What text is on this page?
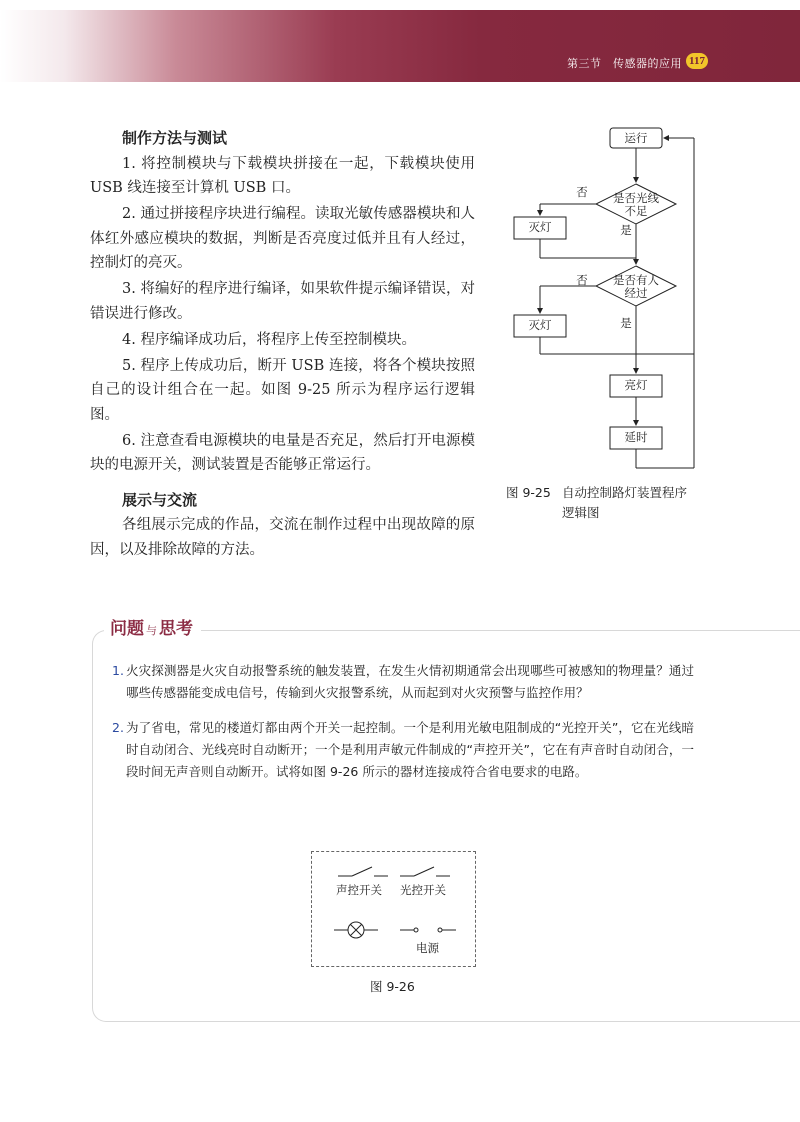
第三节　传感器的应用 117
制作方法与测试

1. 将控制模块与下载模块拼接在一起，下载模块使用 USB 线连接至计算机 USB 口。

2. 通过拼接程序块进行编程。读取光敏传感器模块和人体红外感应模块的数据，判断是否亮度过低并且有人经过，控制灯的亮灭。

3. 将编好的程序进行编译，如果软件提示编译错误，对错误进行修改。

4. 程序编译成功后，将程序上传至控制模块。

5. 程序上传成功后，断开 USB 连接，将各个模块按照自己的设计组合在一起。如图 9-25 所示为程序运行逻辑图。

6. 注意查看电源模块的电量是否充足，然后打开电源模块的电源开关，测试装置是否能够正常运行。

展示与交流

各组展示完成的作品，交流在制作过程中出现故障的原因，以及排除故障的方法。

运行
是否光线
不足
否
是
灭灯
是否有人
经过
否
是
灭灯
亮灯
延时
图 9-25 自动控制路灯装置程序
逻辑图
问题 与 思考
1. 火灾探测器是火灾自动报警系统的触发装置，在发生火情初期通常会出现哪些可被感知的物理量？通过哪些传感器能变成电信号，传输到火灾报警系统，从而起到对火灾预警与监控作用？
2. 为了省电，常见的楼道灯都由两个开关一起控制。一个是利用光敏电阻制成的“光控开关”，它在光线暗时自动闭合、光线亮时自动断开；一个是利用声敏元件制成的“声控开关”，它在有声音时自动闭合，一段时间无声音则自动断开。试将如图 9-26 所示的器材连接成符合省电要求的电路。
声控开关 光控开关
电源
图 9-26
